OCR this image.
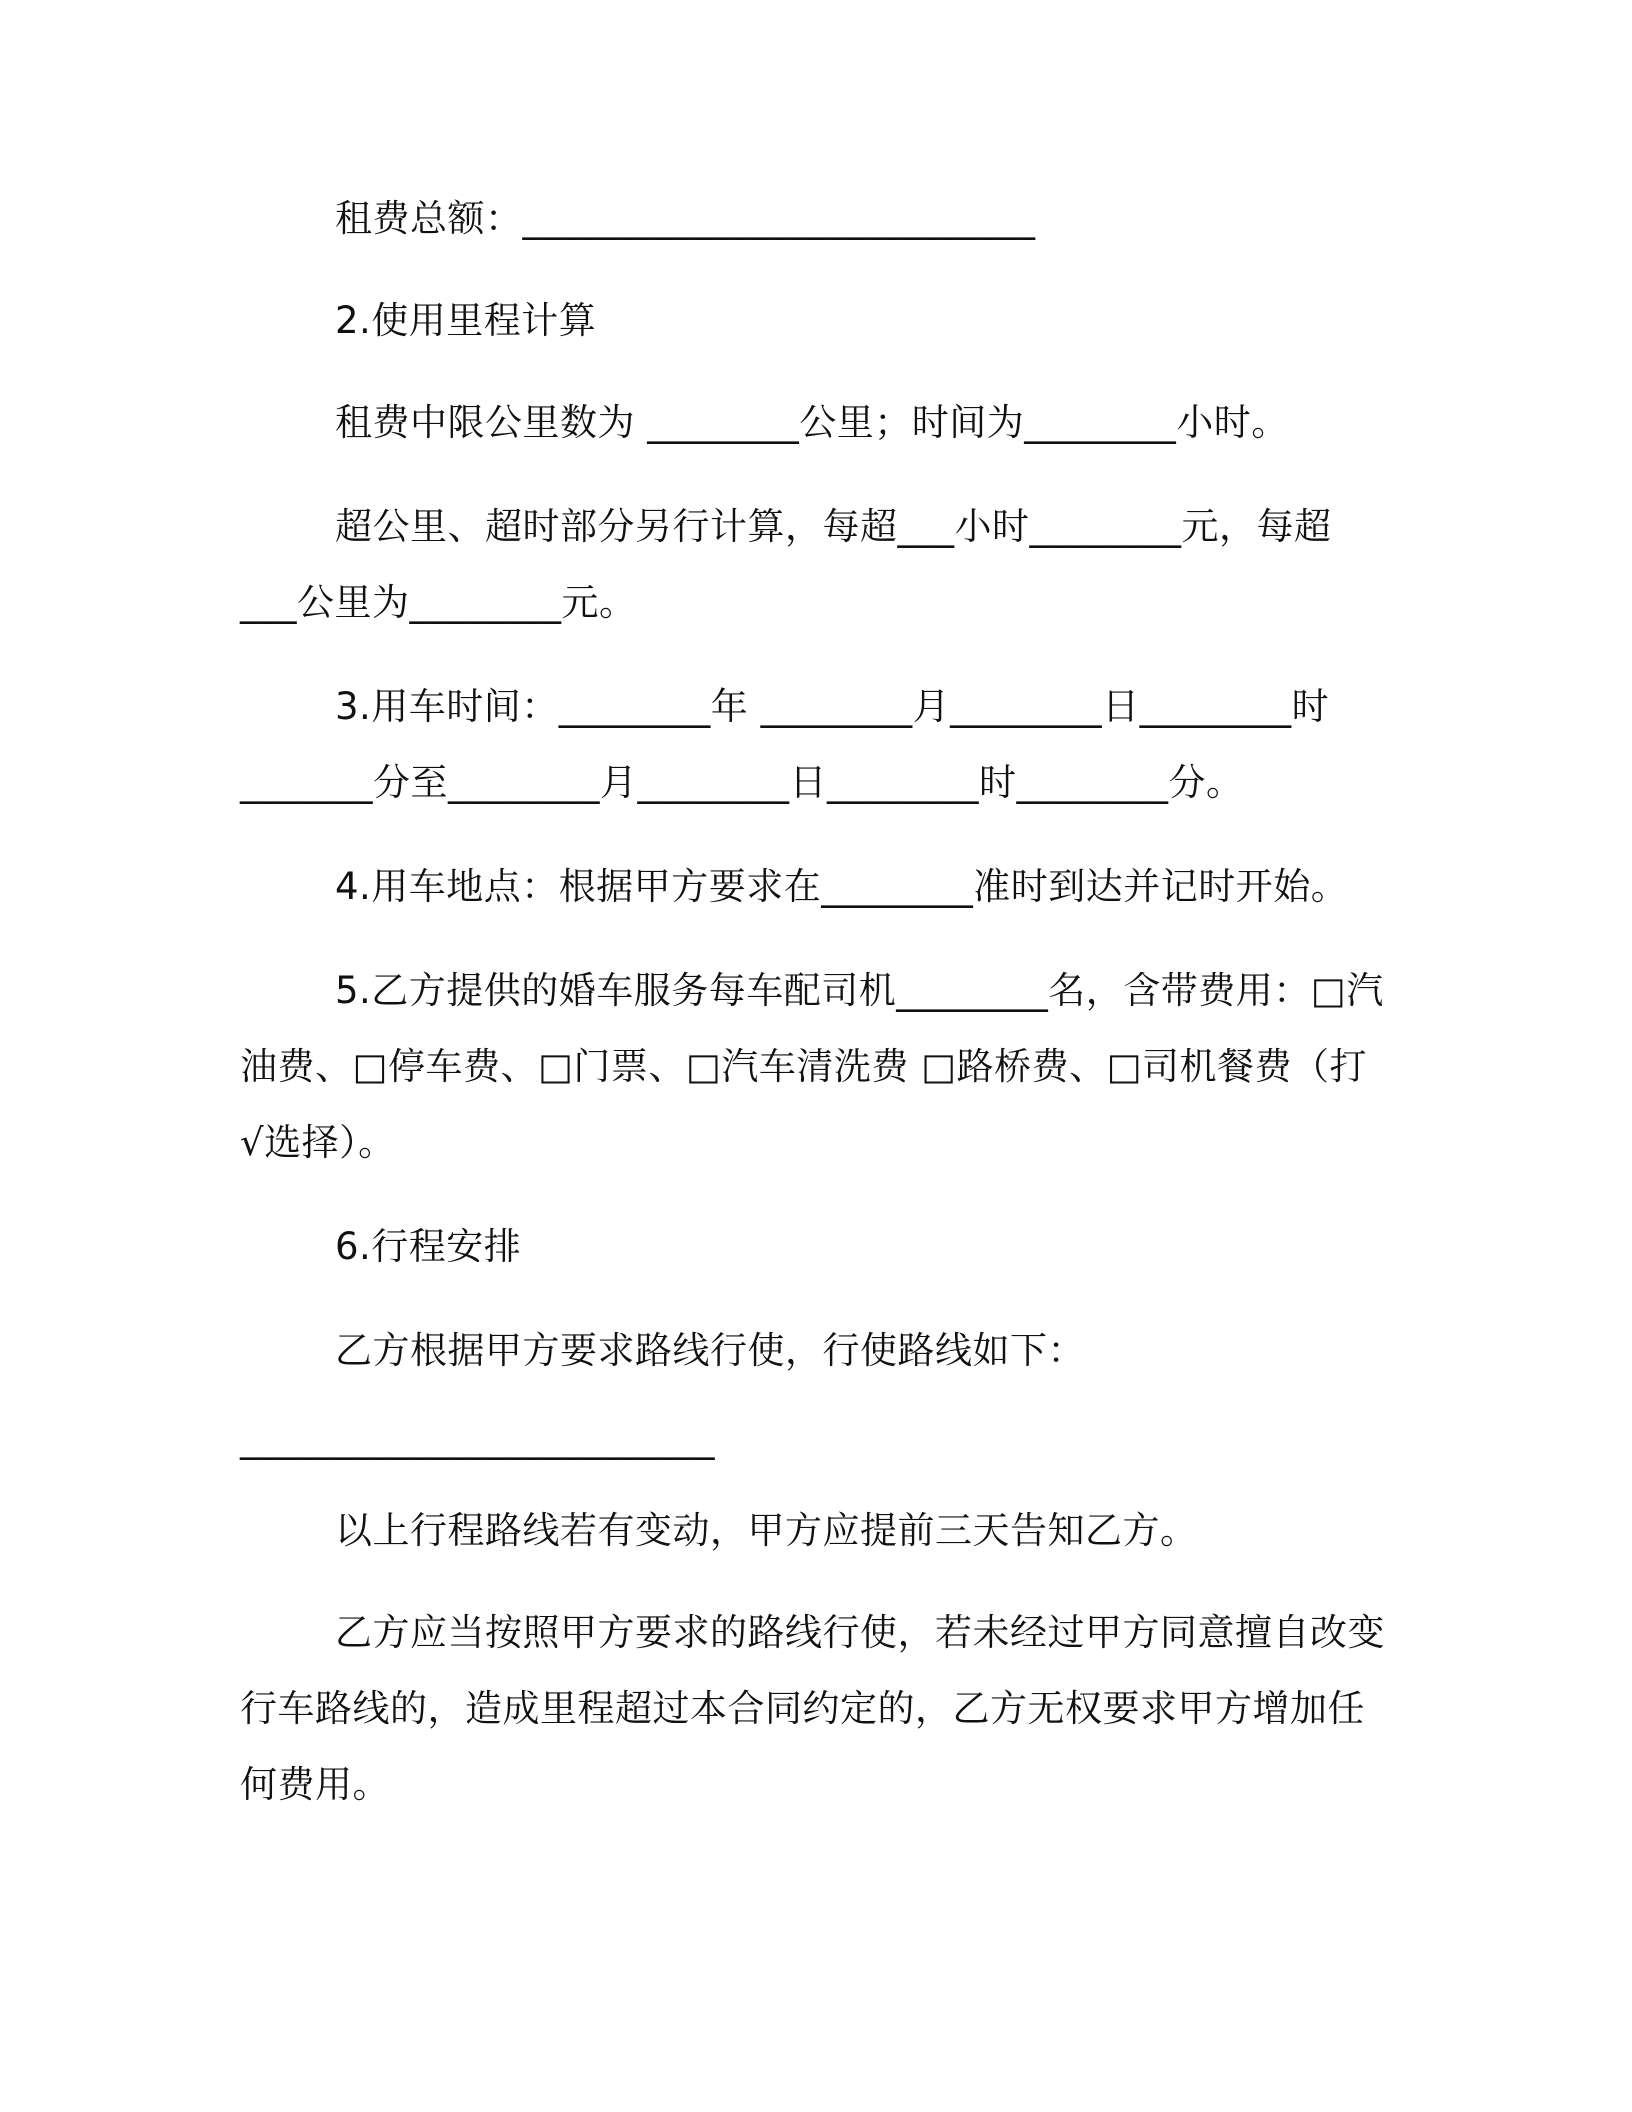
租费总额：___________________________
2.使用里程计算
租费中限公里数为 ________公里；时间为________小时。
超公里、超时部分另行计算，每超___小时________元，每超
___公里为________元。
3.用车时间：________年 ________月________日________时
_______分至________月________日________时________分。
4.用车地点：根据甲方要求在________准时到达并记时开始。
5.乙方提供的婚车服务每车配司机________名，含带费用：□汽
油费、□停车费、□门票、□汽车清洗费 □路桥费、□司机餐费（打
√选择）。
6.行程安排
乙方根据甲方要求路线行使，行使路线如下：
_________________________
以上行程路线若有变动，甲方应提前三天告知乙方。
乙方应当按照甲方要求的路线行使，若未经过甲方同意擅自改变
行车路线的，造成里程超过本合同约定的，乙方无权要求甲方增加任
何费用。
